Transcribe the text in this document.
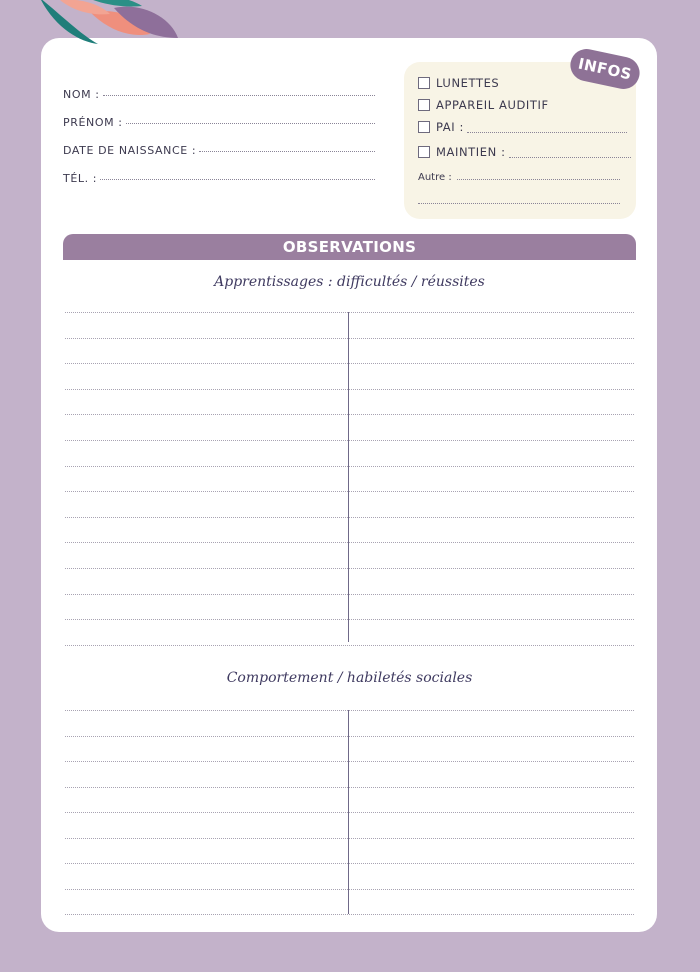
NOM :
PRÉNOM :
DATE DE NAISSANCE :
TÉL. :
INFOS
LUNETTES
APPAREIL AUDITIF
PAI :
MAINTIEN :
Autre :
OBSERVATIONS
Apprentissages : difficultés / réussites
Comportement / habiletés sociales
